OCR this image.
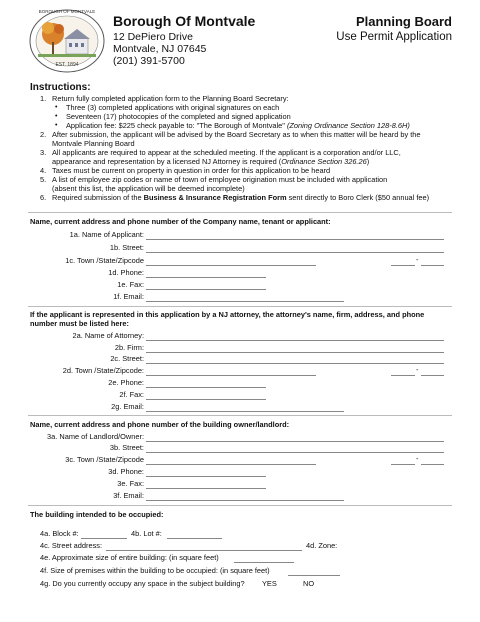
BOROUGH OF MONTVALE
EST. 1894
Borough Of Montvale
12 DePiero Drive
Montvale, NJ 07645
(201) 391-5700
Planning Board
Use Permit Application
Instructions:
1. Return fully completed application form to the Planning Board Secretary:
• Three (3) completed applications with original signatures on each
• Seventeen (17) photocopies of the completed and signed application
• Application fee: $225 check payable to: "The Borough of Montvale" (Zoning Ordinance Section 128-8.6H)
2. After submission, the applicant will be advised by the Board Secretary as to when this matter will be heard by the
Montvale Planning Board
3. All applicants are required to appear at the scheduled meeting. If the applicant is a corporation and/or LLC,
appearance and representation by a licensed NJ Attorney is required (Ordinance Section 326.26)
4. Taxes must be current on property in question in order for this application to be heard
5. A list of employee zip codes or name of town of employee origination must be included with application
(absent this list, the application will be deemed incomplete)
6. Required submission of the Business & Insurance Registration Form sent directly to Boro Clerk ($50 annual fee)
Name, current address and phone number of the Company name, tenant or applicant:
1a. Name of Applicant:
1b. Street:
1c. Town /State/Zipcode	-
1d. Phone:
1e. Fax:
1f. Email:
If the applicant is represented in this application by a NJ attorney, the attorney's name, firm, address, and phone
number must be listed here:
2a. Name of Attorney:
2b. Firm:
2c. Street:
2d. Town /State/Zipcode:	-
2e. Phone:
2f. Fax:
2g. Email:
Name, current address and phone number of the building owner/landlord:
3a. Name of Landlord/Owner:
3b. Street:
3c. Town /State/Zipcode	-
3d. Phone:
3e. Fax:
3f. Email:
The building intended to be occupied:
4a. Block #:	4b. Lot #:
4c. Street address:	4d. Zone:
4e. Approximate size of entire building: (in square feet)
4f. Size of premises within the building to be occupied: (in square feet)
4g. Do you currently occupy any space in the subject building? YES	NO
